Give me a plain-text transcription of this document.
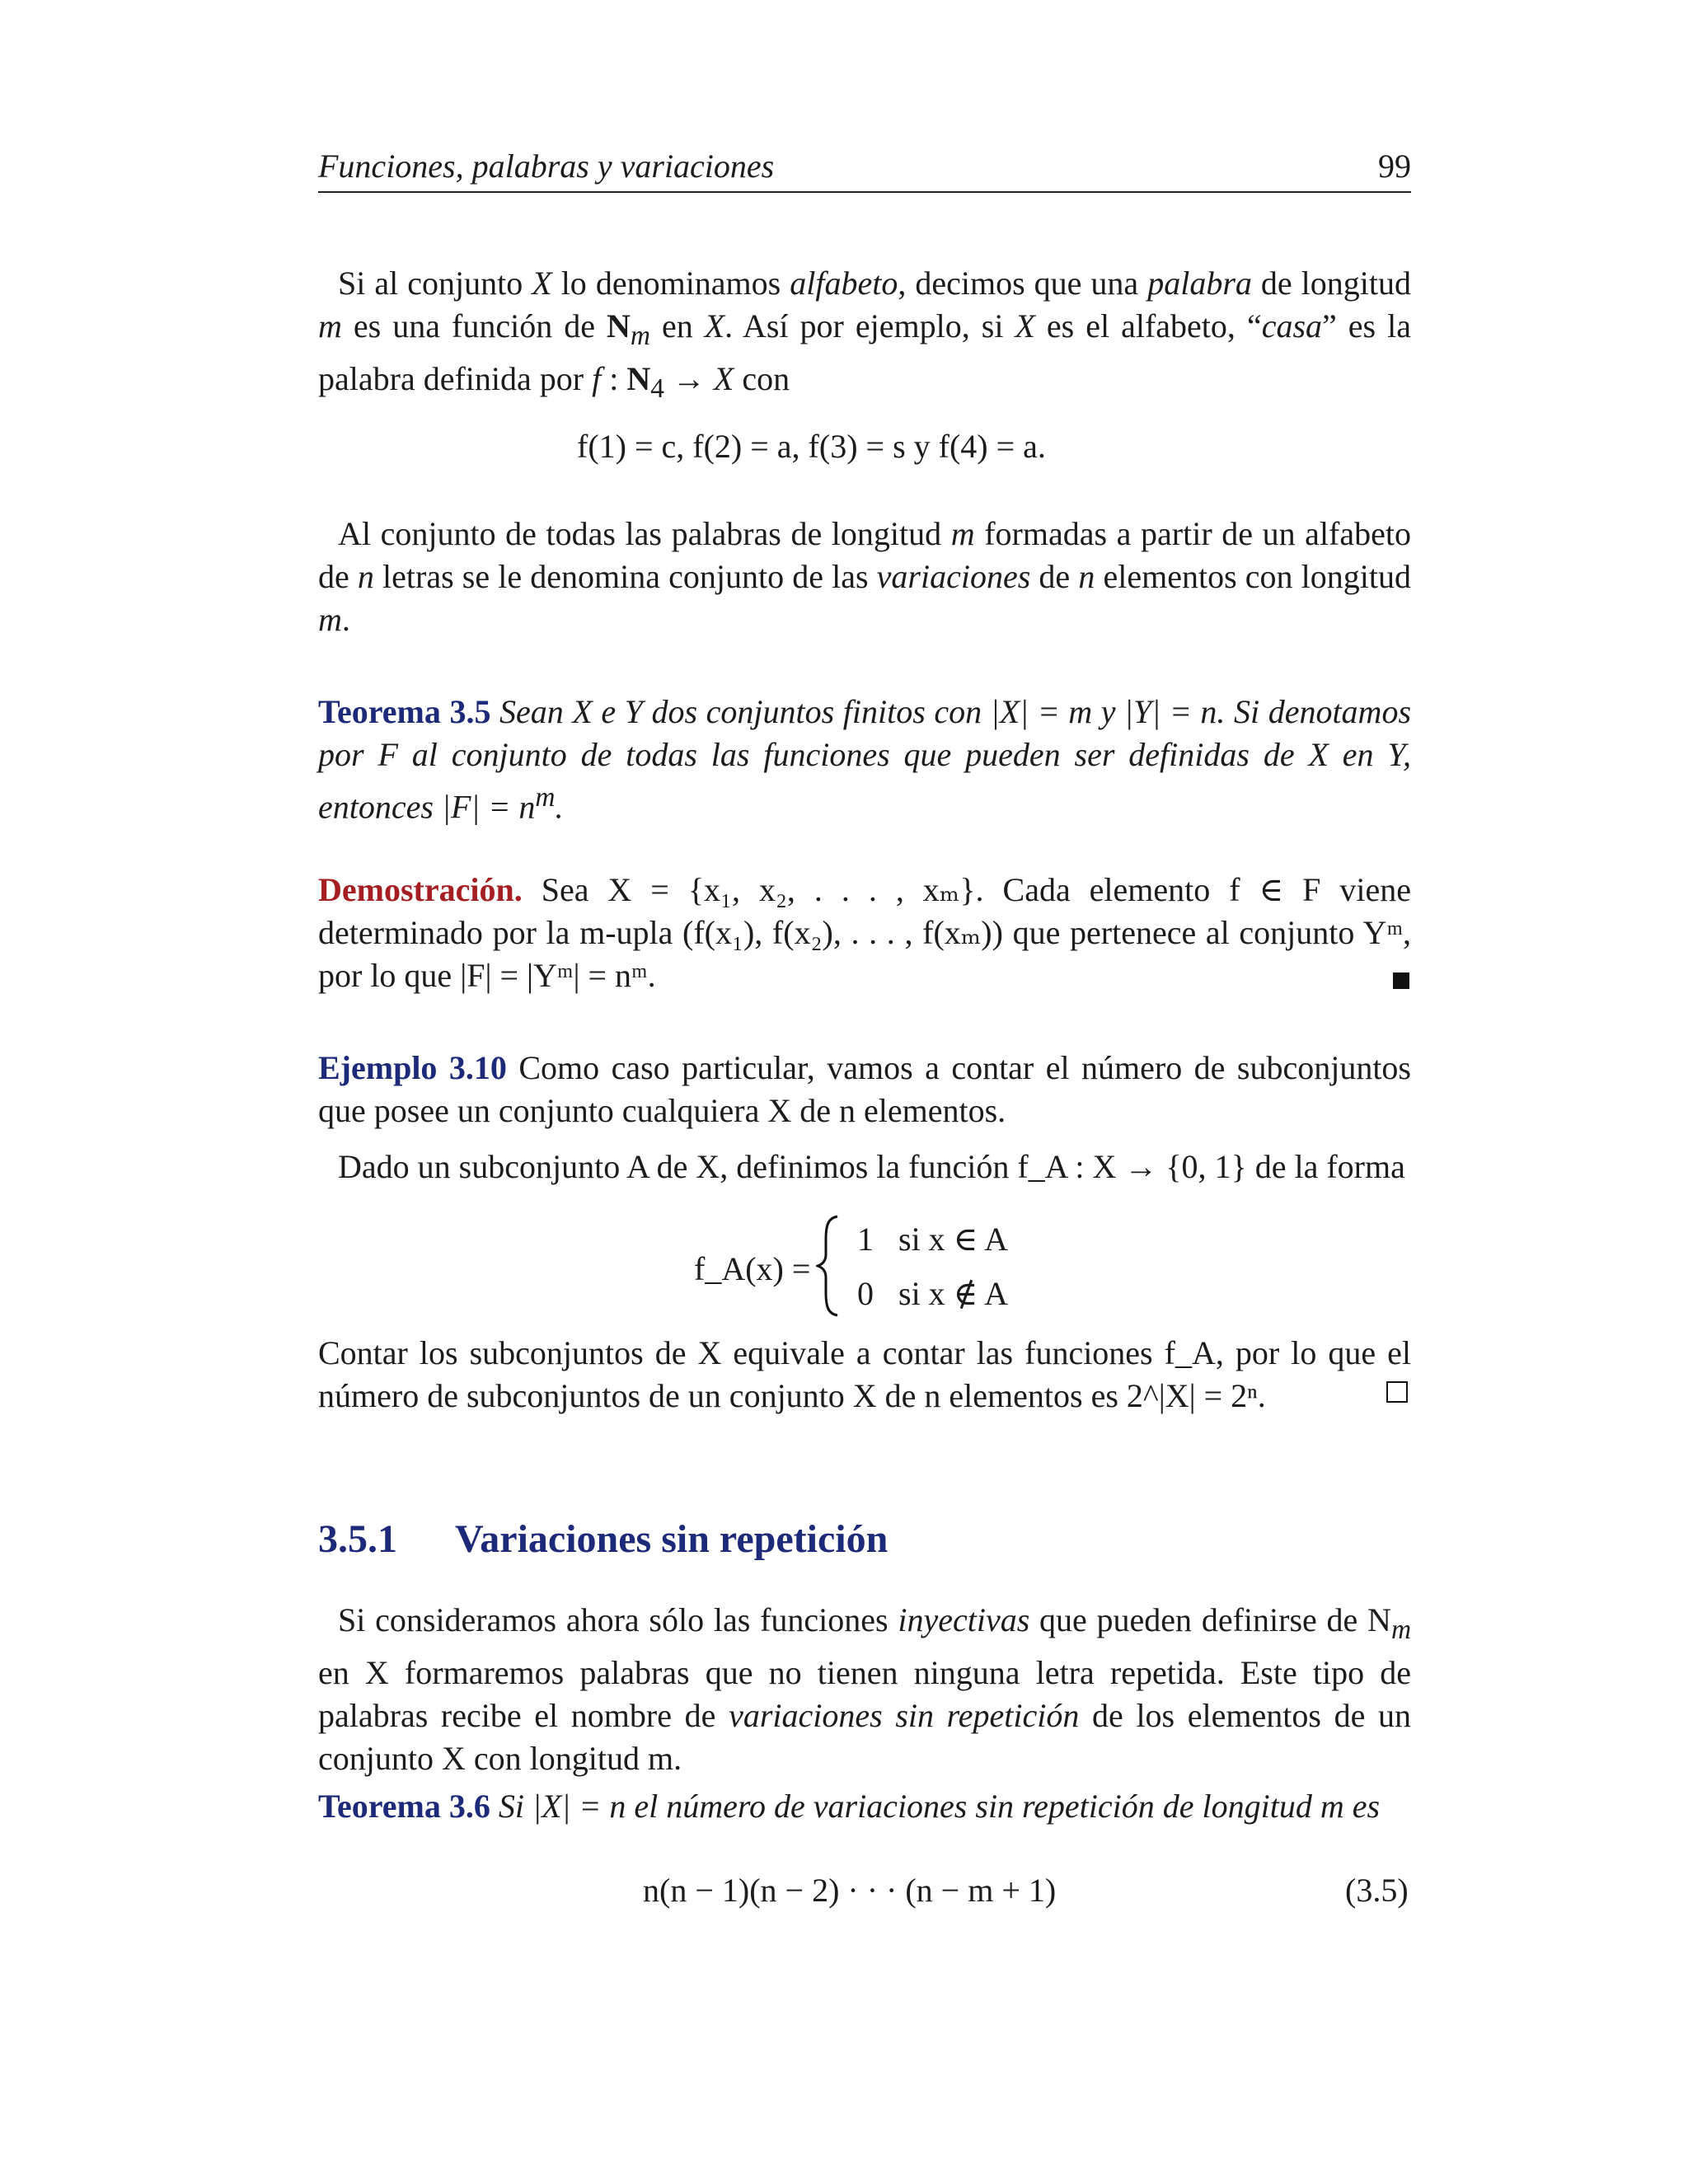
Funciones, palabras y variaciones	99
Si al conjunto X lo denominamos alfabeto, decimos que una palabra de longitud m es una función de $N_m$ en X. Así por ejemplo, si X es el alfabeto, “casa” es la palabra definida por f : $N_4 \to X$ con
f(1) = c, f(2) = a, f(3) = s y f(4) = a.
Al conjunto de todas las palabras de longitud m formadas a partir de un alfabeto de n letras se le denomina conjunto de las variaciones de n elementos con longitud m.
Teorema 3.5 Sean X e Y dos conjuntos finitos con |X| = m y |Y| = n. Si denotamos por F al conjunto de todas las funciones que pueden ser definidas de X en Y, entonces $|F| = n^m$.
Demostración. Sea X = {x₁, x₂, . . . , xₘ}. Cada elemento f ∈ F viene determinado por la m-upla (f(x₁), f(x₂), . . . , f(xₘ)) que pertenece al conjunto Yᵐ, por lo que |F| = |Yᵐ| = nᵐ.
Ejemplo 3.10 Como caso particular, vamos a contar el número de subconjuntos que posee un conjunto cualquiera X de n elementos.
Dado un subconjunto A de X, definimos la función f_A : X → {0, 1} de la forma
f_A(x) =
1 si x ∈ A
0 si x ∉ A
Contar los subconjuntos de X equivale a contar las funciones f_A, por lo que el número de subconjuntos de un conjunto X de n elementos es 2^|X| = 2ⁿ.
3.5.1 Variaciones sin repetición
Si consideramos ahora sólo las funciones inyectivas que pueden definirse de $N_m$ en X formaremos palabras que no tienen ninguna letra repetida. Este tipo de palabras recibe el nombre de variaciones sin repetición de los elementos de un conjunto X con longitud m.
Teorema 3.6 Si |X| = n el número de variaciones sin repetición de longitud m es
n(n − 1)(n − 2) · · · (n − m + 1)	(3.5)
